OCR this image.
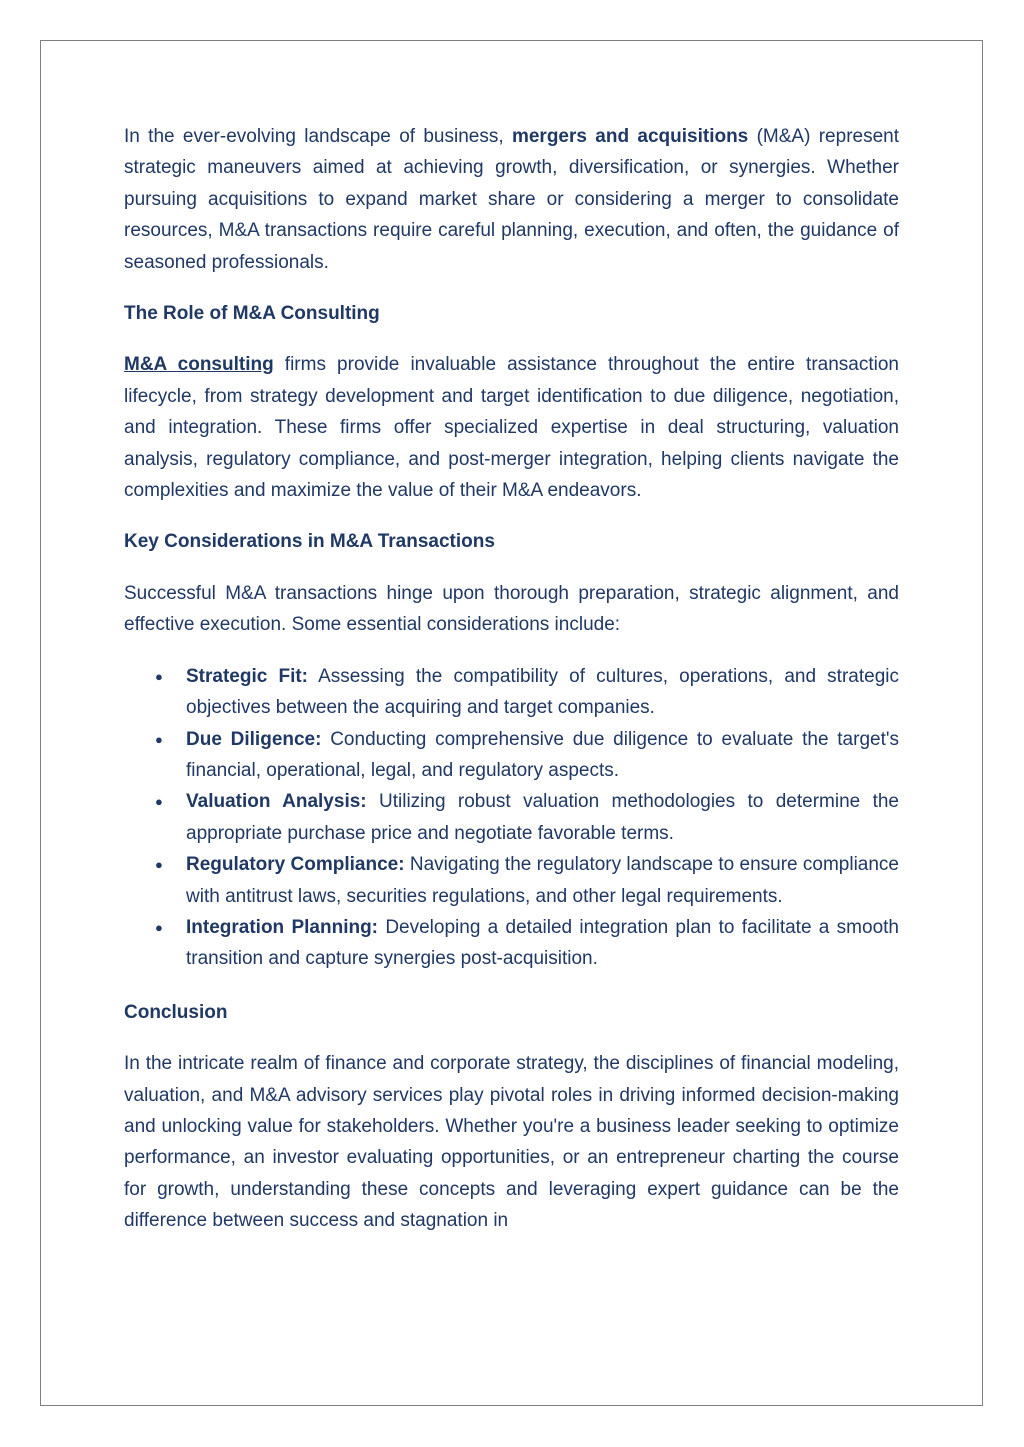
In the ever-evolving landscape of business, mergers and acquisitions (M&A) represent strategic maneuvers aimed at achieving growth, diversification, or synergies. Whether pursuing acquisitions to expand market share or considering a merger to consolidate resources, M&A transactions require careful planning, execution, and often, the guidance of seasoned professionals.

The Role of M&A Consulting

M&A consulting firms provide invaluable assistance throughout the entire transaction lifecycle, from strategy development and target identification to due diligence, negotiation, and integration. These firms offer specialized expertise in deal structuring, valuation analysis, regulatory compliance, and post-merger integration, helping clients navigate the complexities and maximize the value of their M&A endeavors.

Key Considerations in M&A Transactions

Successful M&A transactions hinge upon thorough preparation, strategic alignment, and effective execution. Some essential considerations include:

● Strategic Fit: Assessing the compatibility of cultures, operations, and strategic objectives between the acquiring and target companies.
● Due Diligence: Conducting comprehensive due diligence to evaluate the target's financial, operational, legal, and regulatory aspects.
● Valuation Analysis: Utilizing robust valuation methodologies to determine the appropriate purchase price and negotiate favorable terms.
● Regulatory Compliance: Navigating the regulatory landscape to ensure compliance with antitrust laws, securities regulations, and other legal requirements.
● Integration Planning: Developing a detailed integration plan to facilitate a smooth transition and capture synergies post-acquisition.
Conclusion

In the intricate realm of finance and corporate strategy, the disciplines of financial modeling, valuation, and M&A advisory services play pivotal roles in driving informed decision-making and unlocking value for stakeholders. Whether you're a business leader seeking to optimize performance, an investor evaluating opportunities, or an entrepreneur charting the course for growth, understanding these concepts and leveraging expert guidance can be the difference between success and stagnation in
